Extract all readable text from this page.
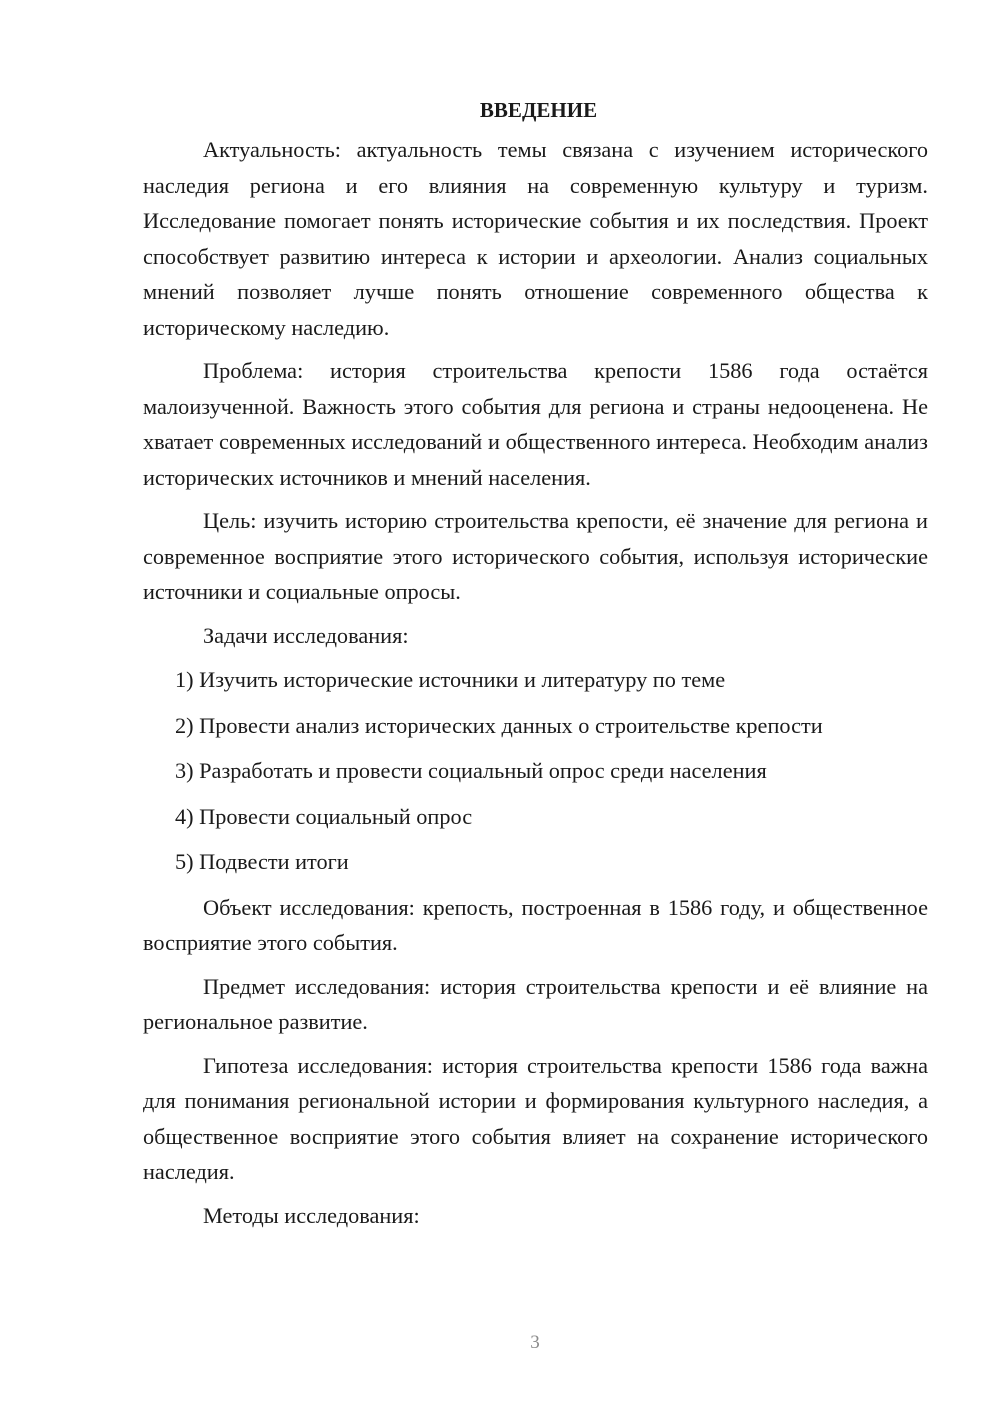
ВВЕДЕНИЕ

Актуальность: актуальность темы связана с изучением исторического наследия региона и его влияния на современную культуру и туризм. Исследование помогает понять исторические события и их последствия. Проект способствует развитию интереса к истории и археологии. Анализ социальных мнений позволяет лучше понять отношение современного общества к историческому наследию.

Проблема: история строительства крепости 1586 года остаётся малоизученной. Важность этого события для региона и страны недооценена. Не хватает современных исследований и общественного интереса. Необходим анализ исторических источников и мнений населения.

Цель: изучить историю строительства крепости, её значение для региона и современное восприятие этого исторического события, используя исторические источники и социальные опросы.

Задачи исследования:

1) Изучить исторические источники и литературу по теме
2) Провести анализ исторических данных о строительстве крепости
3) Разработать и провести социальный опрос среди населения
4) Провести социальный опрос
5) Подвести итоги

Объект исследования: крепость, построенная в 1586 году, и общественное восприятие этого события.

Предмет исследования: история строительства крепости и её влияние на региональное развитие.

Гипотеза исследования: история строительства крепости 1586 года важна для понимания региональной истории и формирования культурного наследия, а общественное восприятие этого события влияет на сохранение исторического наследия.

Методы исследования:

3
